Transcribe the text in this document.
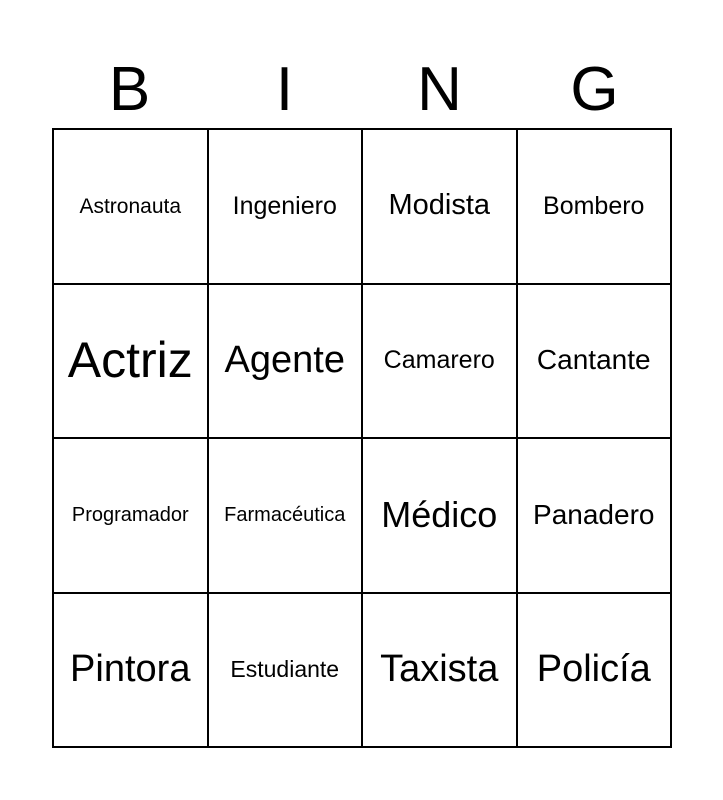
B	I	N	G
Astronauta Ingeniero Modista Bombero
Actriz Agente Camarero Cantante
Programador Farmacéutica Médico Panadero
Pintora Estudiante Taxista Policía
